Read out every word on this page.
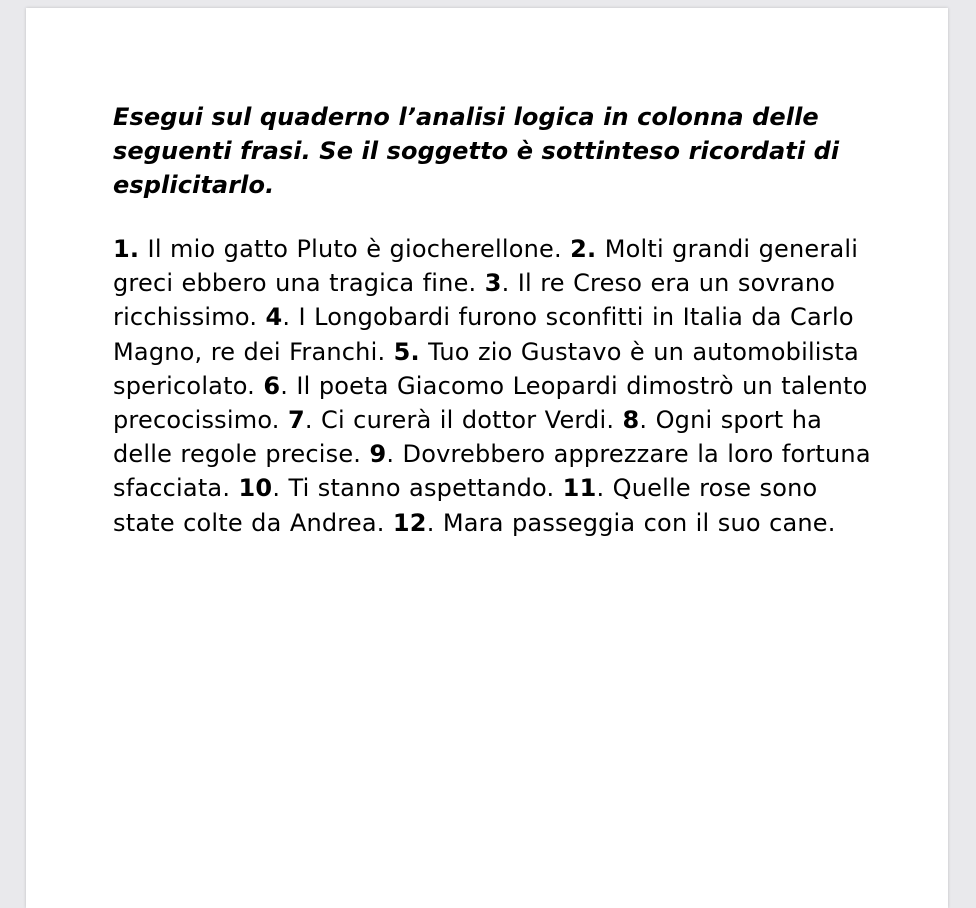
Esegui sul quaderno l’analisi logica in colonna delle seguenti frasi. Se il soggetto è sottinteso ricordati di esplicitarlo.

1. Il mio gatto Pluto è giocherellone. 2. Molti grandi generali greci ebbero una tragica fine. 3. Il re Creso era un sovrano ricchissimo. 4. I Longobardi furono sconfitti in Italia da Carlo Magno, re dei Franchi. 5. Tuo zio Gustavo è un automobilista spericolato. 6. Il poeta Giacomo Leopardi dimostrò un talento precocissimo. 7. Ci curerà il dottor Verdi. 8. Ogni sport ha delle regole precise. 9. Dovrebbero apprezzare la loro fortuna sfacciata. 10. Ti stanno aspettando. 11. Quelle rose sono state colte da Andrea. 12. Mara passeggia con il suo cane.
